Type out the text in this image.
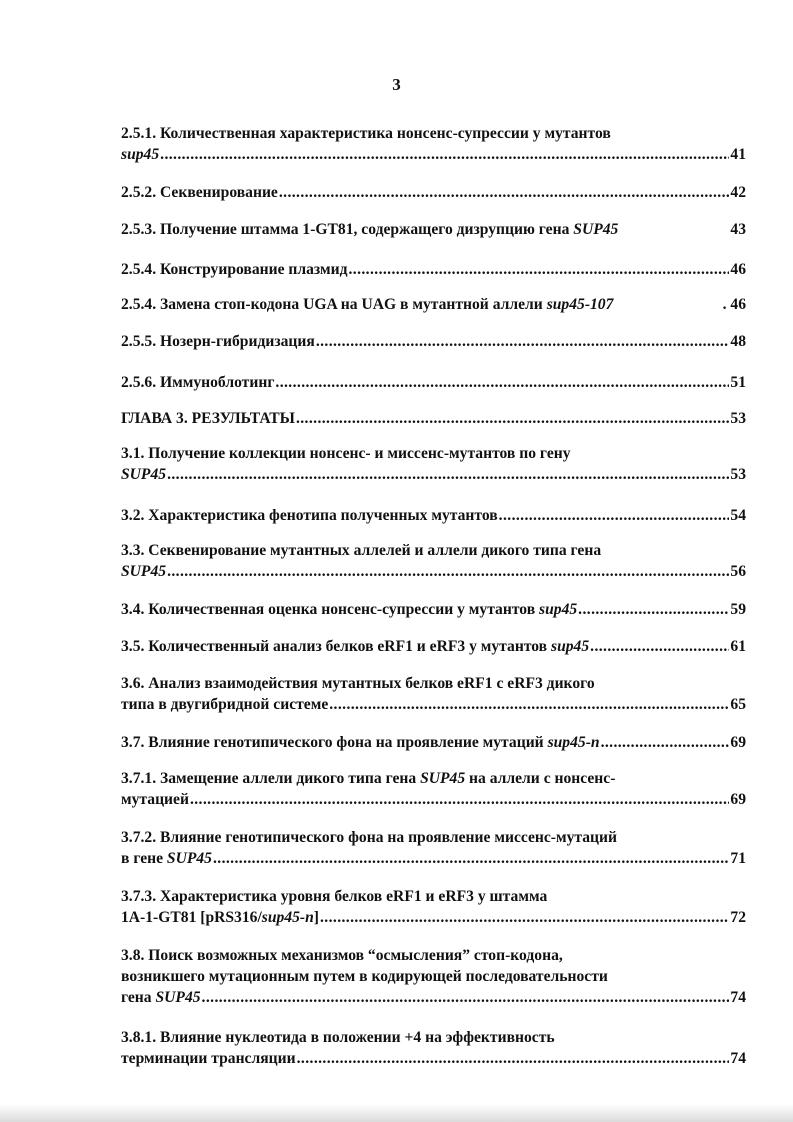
3
2.5.1. Количественная характеристика нонсенс-супрессии у мутантов
sup45 .....	41
2.5.2. Секвенирование .....	42
2.5.3. Получение штамма 1-GT81, содержащего дизрупцию гена SUP45	43
2.5.4. Конструирование плазмид .....	46
2.5.4. Замена стоп-кодона UGA на UAG в мутантной аллели sup45-107	. 46
2.5.5. Нозерн-гибридизация .....	48
2.5.6. Иммуноблотинг .....	51
ГЛАВА 3. РЕЗУЛЬТАТЫ .....	53
3.1. Получение коллекции нонсенс- и миссенс-мутантов по гену
SUP45 .....	53
3.2. Характеристика фенотипа полученных мутантов .....	54
3.3. Секвенирование мутантных аллелей и аллели дикого типа гена
SUP45 .....	56
3.4. Количественная оценка нонсенс-супрессии у мутантов sup45 .....	59
3.5. Количественный анализ белков eRF1 и eRF3 у мутантов sup45 .....	61
3.6. Анализ взаимодействия мутантных белков eRF1 с eRF3 дикого
типа в двугибридной системе .....	65
3.7. Влияние генотипического фона на проявление мутаций sup45-n .....	69
3.7.1. Замещение аллели дикого типа гена SUP45 на аллели с нонсенс-
мутацией .....	69
3.7.2. Влияние генотипического фона на проявление миссенс-мутаций
в гене SUP45 .....	71
3.7.3. Характеристика уровня белков eRF1 и eRF3 у штамма
1A-1-GT81 [pRS316/sup45-n] .....	72
3.8. Поиск возможных механизмов “осмысления” стоп-кодона,
возникшего мутационным путем в кодирующей последовательности
гена SUP45 .....	74
3.8.1. Влияние нуклеотида в положении +4 на эффективность
терминации трансляции .....	74
